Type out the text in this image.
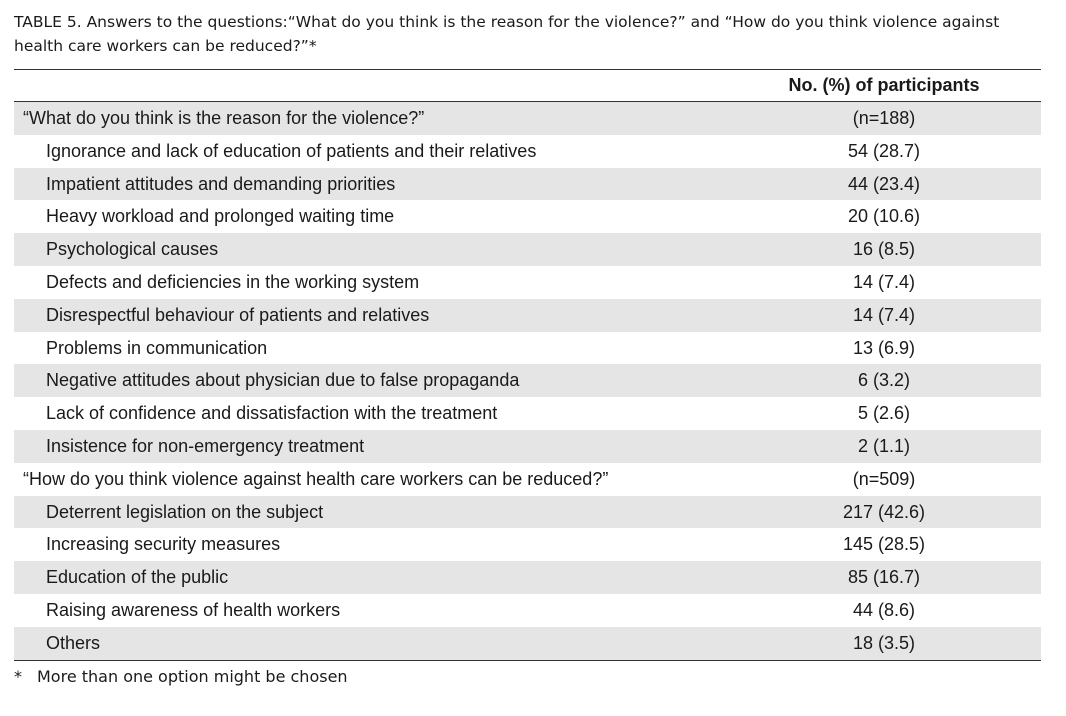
TABLE 5. Answers to the questions:“What do you think is the reason for the violence?” and “How do you think violence against
health care workers can be reduced?”*
No. (%) of participants
“What do you think is the reason for the violence?”	(n=188)
Ignorance and lack of education of patients and their relatives	54 (28.7)
Impatient attitudes and demanding priorities	44 (23.4)
Heavy workload and prolonged waiting time	20 (10.6)
Psychological causes	16 (8.5)
Defects and deficiencies in the working system	14 (7.4)
Disrespectful behaviour of patients and relatives	14 (7.4)
Problems in communication	13 (6.9)
Negative attitudes about physician due to false propaganda	6 (3.2)
Lack of confidence and dissatisfaction with the treatment	5 (2.6)
Insistence for non-emergency treatment	2 (1.1)
“How do you think violence against health care workers can be reduced?”	(n=509)
Deterrent legislation on the subject	217 (42.6)
Increasing security measures	145 (28.5)
Education of the public	85 (16.7)
Raising awareness of health workers	44 (8.6)
Others	18 (3.5)
* More than one option might be chosen
